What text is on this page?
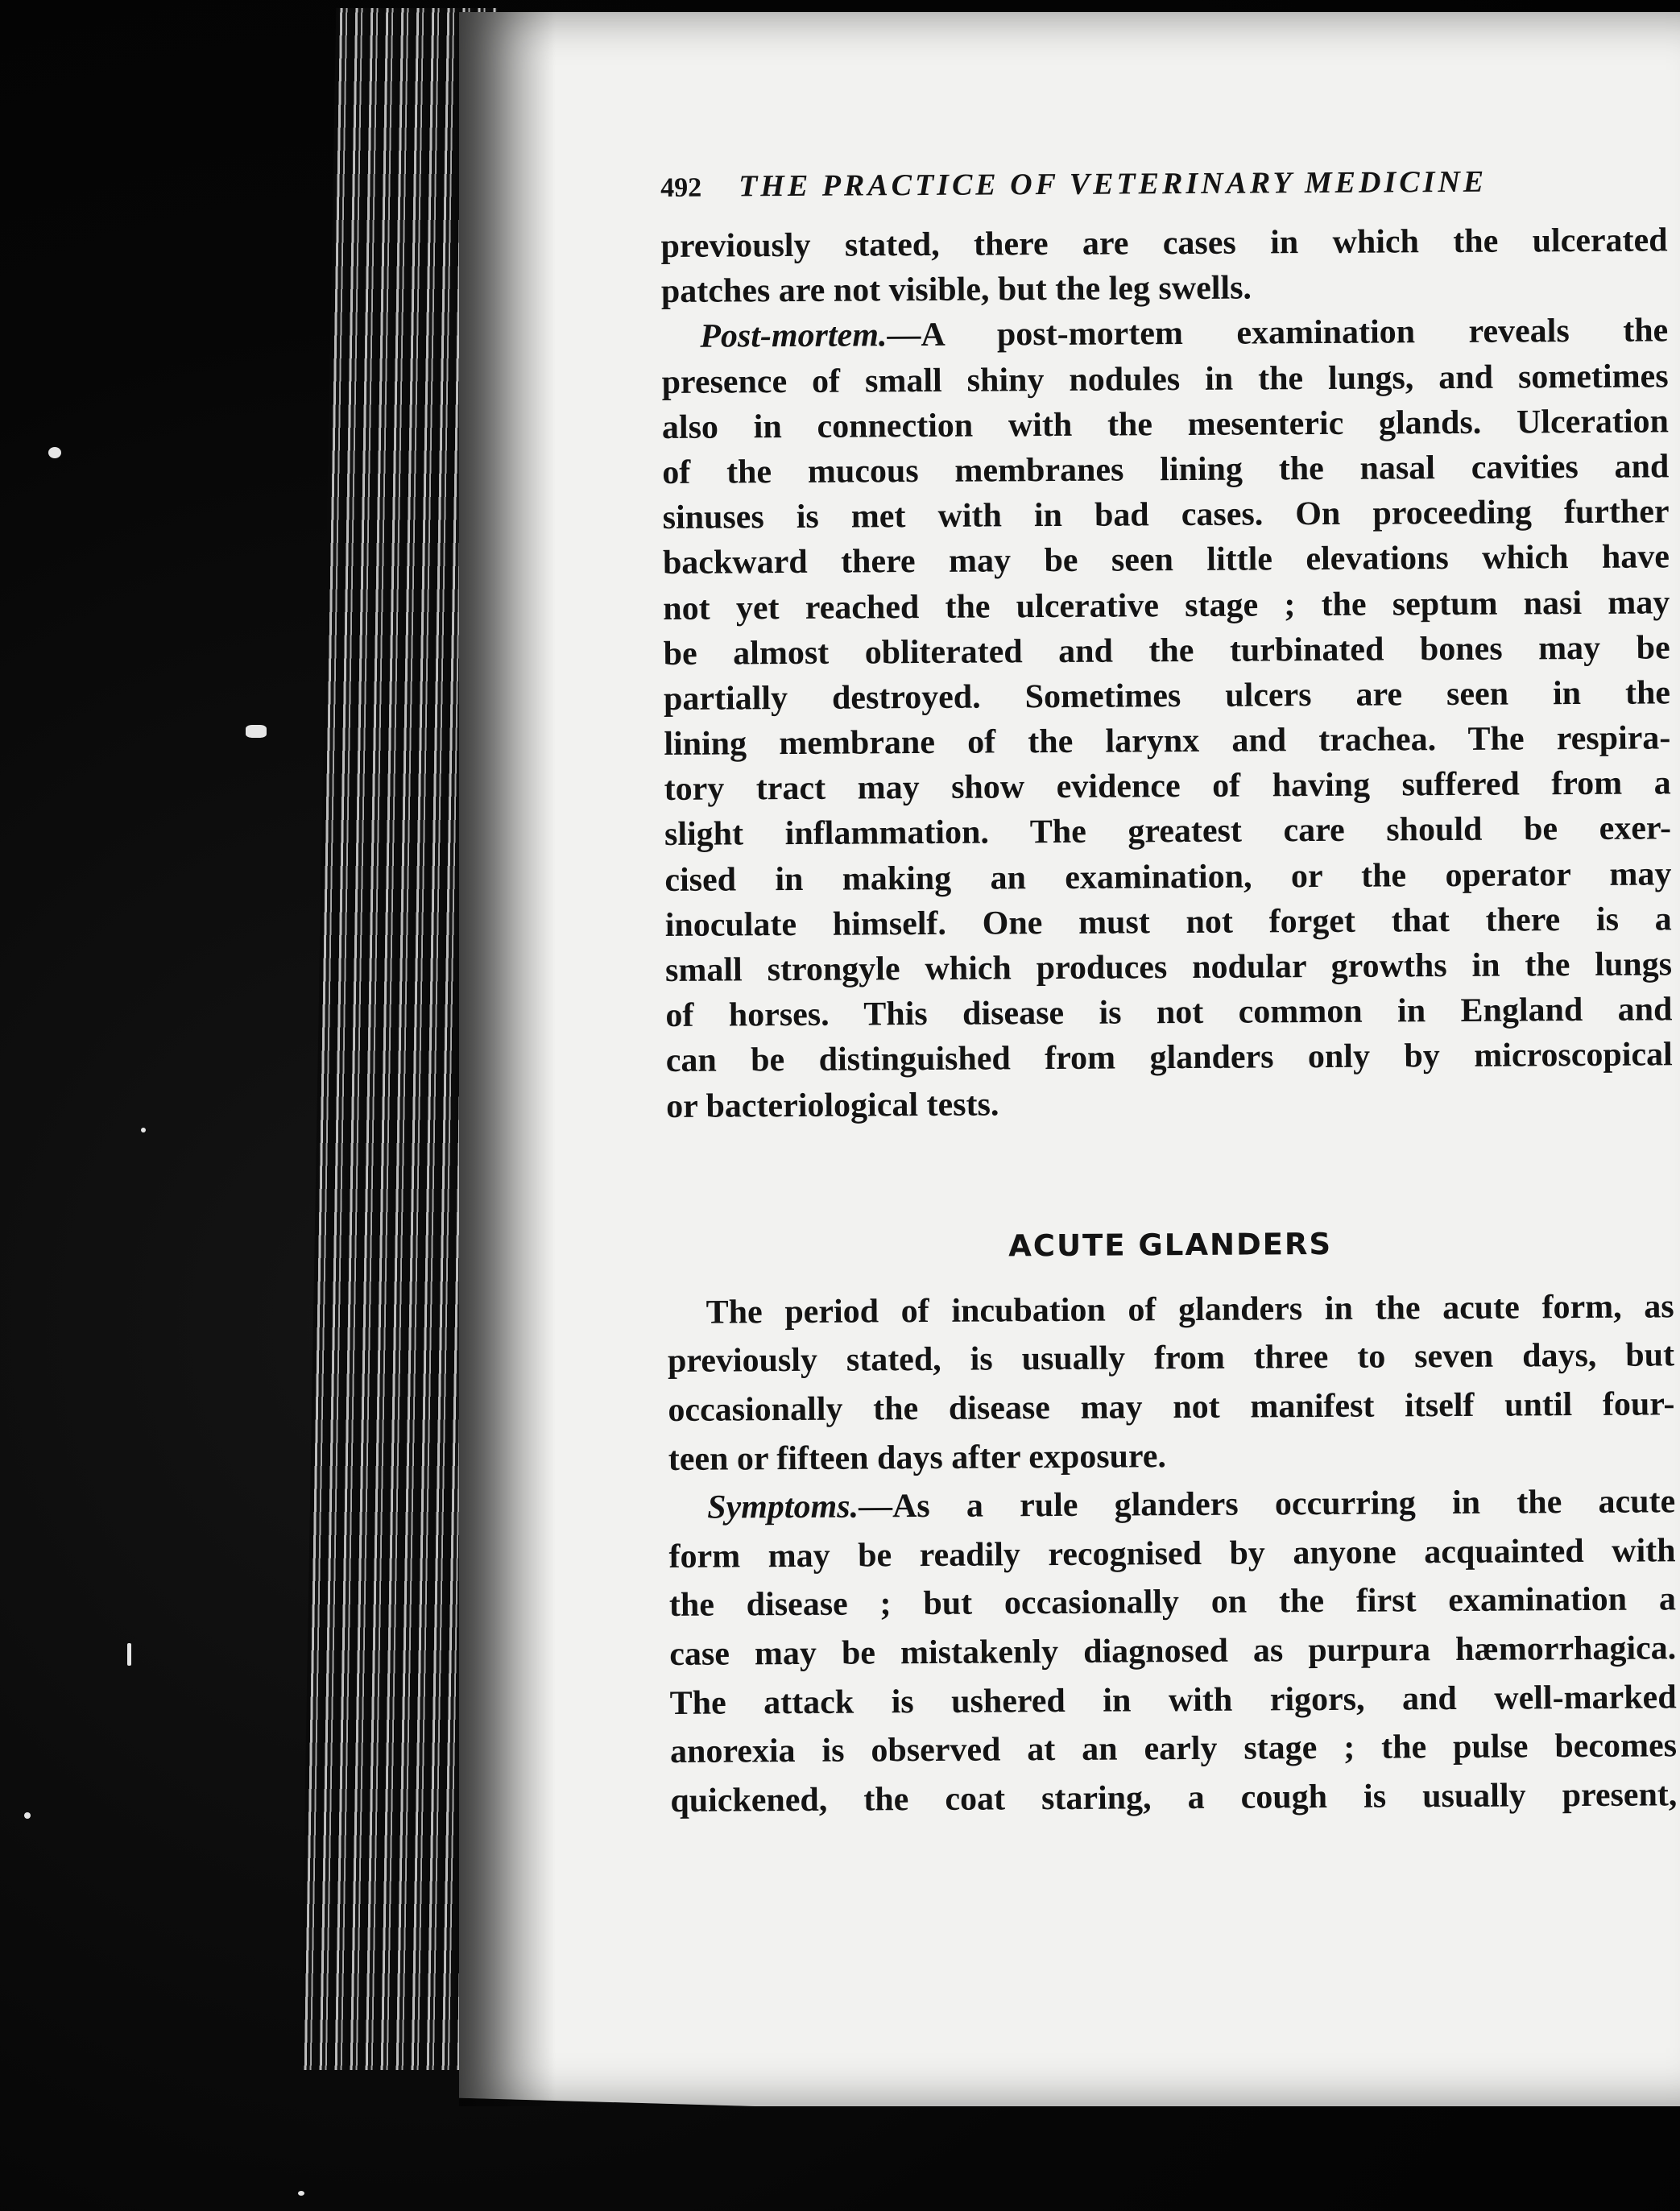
492 THE PRACTICE OF VETERINARY MEDICINE
previously stated, there are cases in which the ulcerated
patches are not visible, but the leg swells.
Post-mortem.—A post-mortem examination reveals the
presence of small shiny nodules in the lungs, and sometimes
also in connection with the mesenteric glands. Ulceration
of the mucous membranes lining the nasal cavities and
sinuses is met with in bad cases. On proceeding further
backward there may be seen little elevations which have
not yet reached the ulcerative stage ; the septum nasi may
be almost obliterated and the turbinated bones may be
partially destroyed. Sometimes ulcers are seen in the
lining membrane of the larynx and trachea. The respira-
tory tract may show evidence of having suffered from a
slight inflammation. The greatest care should be exer-
cised in making an examination, or the operator may
inoculate himself. One must not forget that there is a
small strongyle which produces nodular growths in the lungs
of horses. This disease is not common in England and
can be distinguished from glanders only by microscopical
or bacteriological tests.
ACUTE GLANDERS
The period of incubation of glanders in the acute form, as
previously stated, is usually from three to seven days, but
occasionally the disease may not manifest itself until four-
teen or fifteen days after exposure.
Symptoms.—As a rule glanders occurring in the acute
form may be readily recognised by anyone acquainted with
the disease ; but occasionally on the first examination a
case may be mistakenly diagnosed as purpura hæmorrhagica.
The attack is ushered in with rigors, and well-marked
anorexia is observed at an early stage ; the pulse becomes
quickened, the coat staring, a cough is usually present,
